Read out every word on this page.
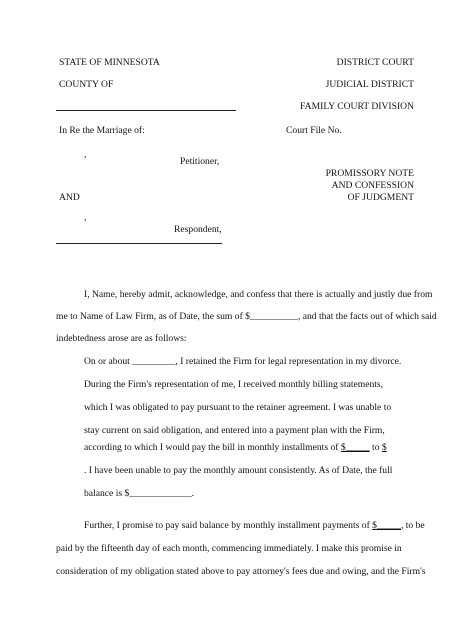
STATE OF MINNESOTA	DISTRICT COURT
COUNTY OF	JUDICIAL DISTRICT
FAMILY COURT DIVISION
In Re the Marriage of:	Court File No.
,
Petitioner,
PROMISSORY NOTE
AND CONFESSION
OF JUDGMENT
AND
,
Respondent,
I, Name, hereby admit, acknowledge, and confess that there is actually and justly due from
me to Name of Law Firm, as of Date, the sum of $__________, and that the facts out of which said
indebtedness arose are as follows:
On or about _________, I retained the Firm for legal representation in my divorce.
During the Firm's representation of me, I received monthly billing statements,
which I was obligated to pay pursuant to the retainer agreement. I was unable to
stay current on said obligation, and entered into a payment plan with the Firm,
according to which I would pay the bill in monthly installments of $_____ to $
. I have been unable to pay the monthly amount consistently. As of Date, the full
balance is $_____________.
Further, I promise to pay said balance by monthly installment payments of $_____, to be
paid by the fifteenth day of each month, commencing immediately. I make this promise in
consideration of my obligation stated above to pay attorney's fees due and owing, and the Firm's
